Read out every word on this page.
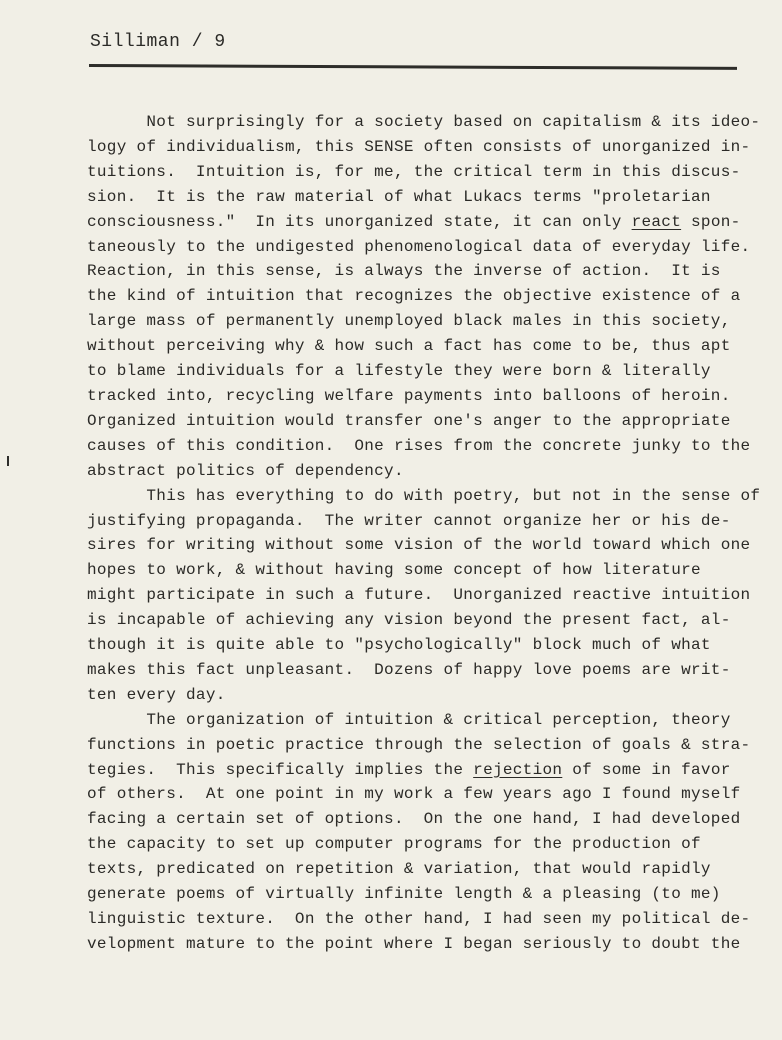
Silliman / 9
Not surprisingly for a society based on capitalism & its ideo-
logy of individualism, this SENSE often consists of unorganized in-
tuitions.  Intuition is, for me, the critical term in this discus-
sion.  It is the raw material of what Lukacs terms "proletarian
consciousness."  In its unorganized state, it can only react spon-
taneously to the undigested phenomenological data of everyday life.
Reaction, in this sense, is always the inverse of action.  It is
the kind of intuition that recognizes the objective existence of a
large mass of permanently unemployed black males in this society,
without perceiving why & how such a fact has come to be, thus apt
to blame individuals for a lifestyle they were born & literally
tracked into, recycling welfare payments into balloons of heroin.
Organized intuition would transfer one's anger to the appropriate
causes of this condition.  One rises from the concrete junky to the
abstract politics of dependency.
This has everything to do with poetry, but not in the sense of
justifying propaganda.  The writer cannot organize her or his de-
sires for writing without some vision of the world toward which one
hopes to work, & without having some concept of how literature
might participate in such a future.  Unorganized reactive intuition
is incapable of achieving any vision beyond the present fact, al-
though it is quite able to "psychologically" block much of what
makes this fact unpleasant.  Dozens of happy love poems are writ-
ten every day.
The organization of intuition & critical perception, theory
functions in poetic practice through the selection of goals & stra-
tegies.  This specifically implies the rejection of some in favor
of others.  At one point in my work a few years ago I found myself
facing a certain set of options.  On the one hand, I had developed
the capacity to set up computer programs for the production of
texts, predicated on repetition & variation, that would rapidly
generate poems of virtually infinite length & a pleasing (to me)
linguistic texture.  On the other hand, I had seen my political de-
velopment mature to the point where I began seriously to doubt the
